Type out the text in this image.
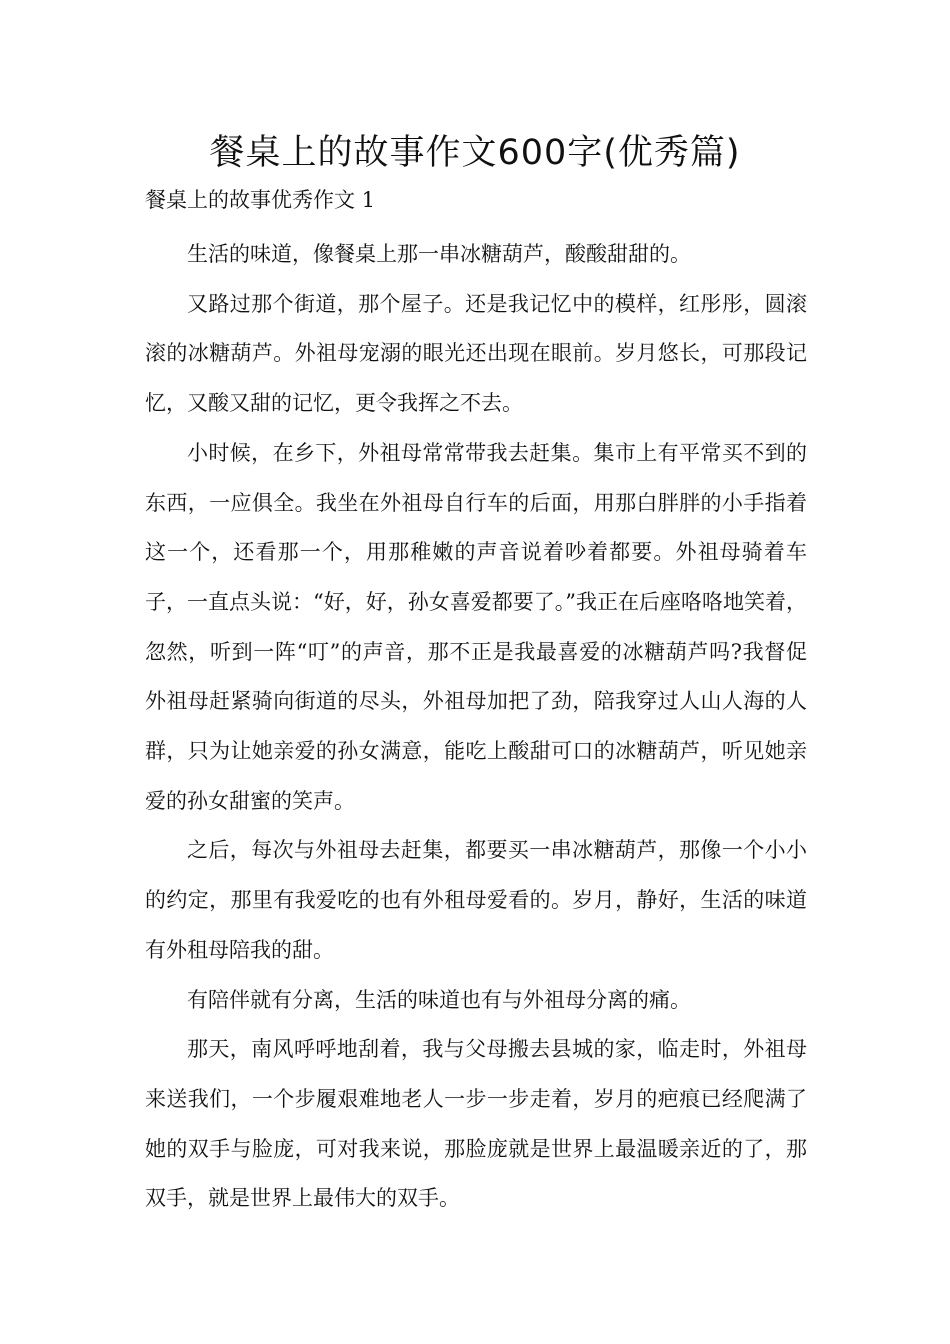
餐桌上的故事作文600字(优秀篇)
餐桌上的故事优秀作文 1

生活的味道，像餐桌上那一串冰糖葫芦，酸酸甜甜的。

又路过那个街道，那个屋子。还是我记忆中的模样，红彤彤，圆滚滚的冰糖葫芦。外祖母宠溺的眼光还出现在眼前。岁月悠长，可那段记忆，又酸又甜的记忆，更令我挥之不去。

小时候，在乡下，外祖母常常带我去赶集。集市上有平常买不到的东西，一应俱全。我坐在外祖母自行车的后面，用那白胖胖的小手指着这一个，还看那一个，用那稚嫩的声音说着吵着都要。外祖母骑着车子，一直点头说：“好，好，孙女喜爱都要了。”我正在后座咯咯地笑着，忽然，听到一阵“叮”的声音，那不正是我最喜爱的冰糖葫芦吗?我督促外祖母赶紧骑向街道的尽头，外祖母加把了劲，陪我穿过人山人海的人群，只为让她亲爱的孙女满意，能吃上酸甜可口的冰糖葫芦，听见她亲爱的孙女甜蜜的笑声。

之后，每次与外祖母去赶集，都要买一串冰糖葫芦，那像一个小小的约定，那里有我爱吃的也有外租母爱看的。岁月，静好，生活的味道有外租母陪我的甜。

有陪伴就有分离，生活的味道也有与外祖母分离的痛。

那天，南风呼呼地刮着，我与父母搬去县城的家，临走时，外祖母来送我们，一个步履艰难地老人一步一步走着，岁月的疤痕已经爬满了她的双手与脸庞，可对我来说，那脸庞就是世界上最温暖亲近的了，那双手，就是世界上最伟大的双手。
